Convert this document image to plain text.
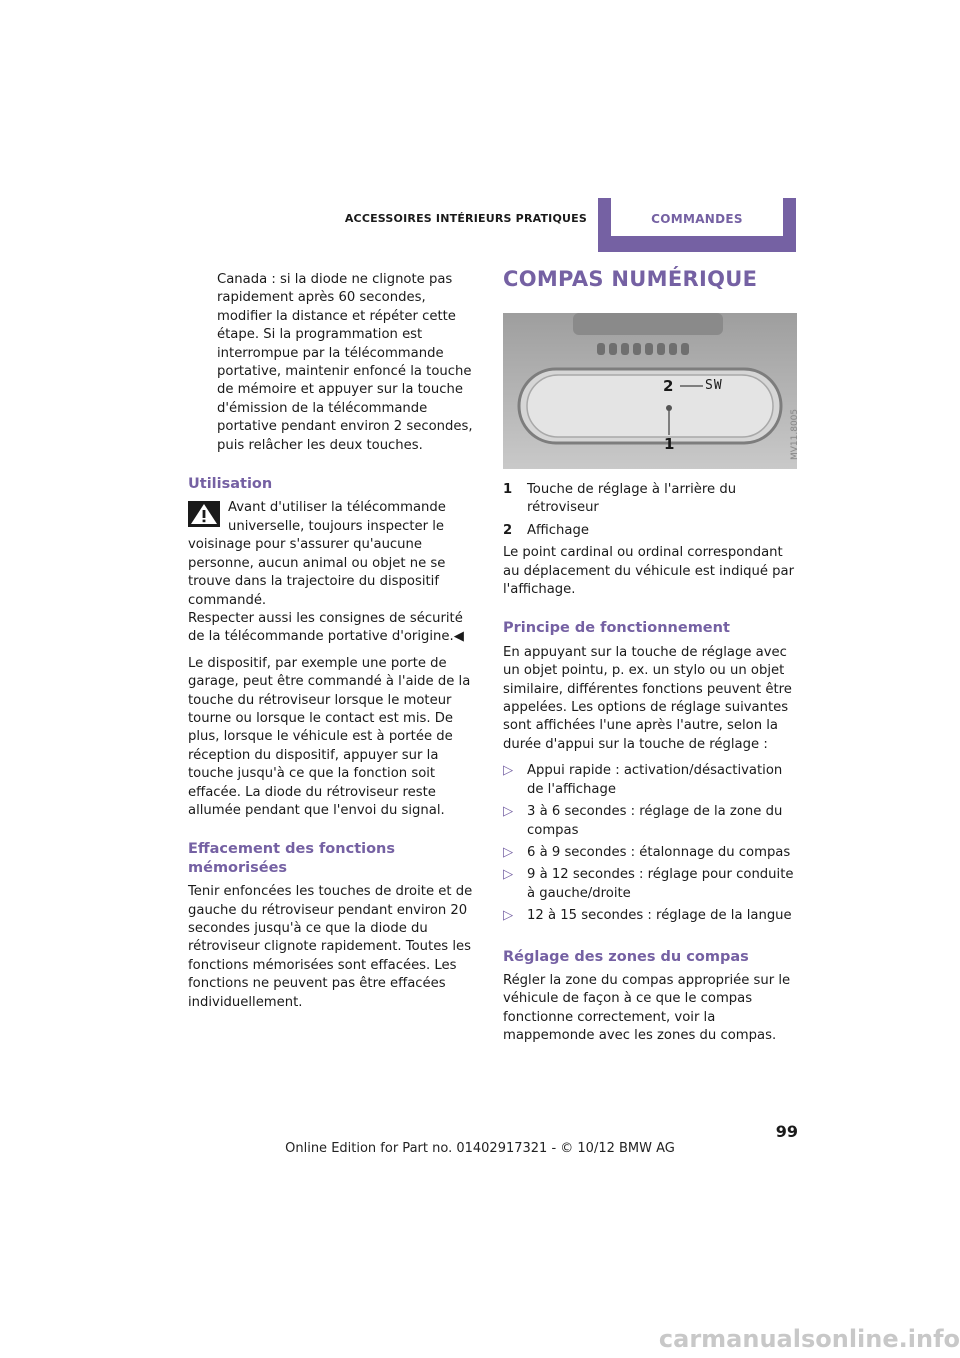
ACCESSOIRES INTÉRIEURS PRATIQUES	COMMANDES

Canada : si la diode ne clignote pas rapidement après 60 secondes, modifier la distance et répéter cette étape. Si la programmation est interrompue par la télécommande portative, maintenir enfoncé la touche de mémoire et appuyer sur la touche d'émission de la télécommande portative pendant environ 2 secondes, puis relâcher les deux touches.

Utilisation

Avant d'utiliser la télécommande universelle, toujours inspecter le voisinage pour s'assurer qu'aucune personne, aucun animal ou objet ne se trouve dans la trajectoire du dispositif commandé.

Respecter aussi les consignes de sécurité de la télécommande portative d'origine.◀

Le dispositif, par exemple une porte de garage, peut être commandé à l'aide de la touche du rétroviseur lorsque le moteur tourne ou lorsque le contact est mis. De plus, lorsque le véhicule est à portée de réception du dispositif, appuyer sur la touche jusqu'à ce que la fonction soit effacée. La diode du rétroviseur reste allumée pendant que l'envoi du signal.

Effacement des fonctions mémorisées

Tenir enfoncées les touches de droite et de gauche du rétroviseur pendant environ 20 secondes jusqu'à ce que la diode du rétroviseur clignote rapidement. Toutes les fonctions mémorisées sont effacées. Les fonctions ne peuvent pas être effacées individuellement.

COMPAS NUMÉRIQUE
MV11.8005
2 SW
1
1	Touche de réglage à l'arrière du rétroviseur
2	Affichage

Le point cardinal ou ordinal correspondant au déplacement du véhicule est indiqué par l'affichage.

Principe de fonctionnement

En appuyant sur la touche de réglage avec un objet pointu, p. ex. un stylo ou un objet similaire, différentes fonctions peuvent être appelées. Les options de réglage suivantes sont affichées l'une après l'autre, selon la durée d'appui sur la touche de réglage :

▷	Appui rapide : activation/désactivation de l'affichage
▷	3 à 6 secondes : réglage de la zone du compas
▷	6 à 9 secondes : étalonnage du compas
▷	9 à 12 secondes : réglage pour conduite à gauche/droite
▷	12 à 15 secondes : réglage de la langue
Réglage des zones du compas

Régler la zone du compas appropriée sur le véhicule de façon à ce que le compas fonctionne correctement, voir la mappemonde avec les zones du compas.

99
Online Edition for Part no. 01402917321 - © 10/12 BMW AG
carmanualsonline.info
